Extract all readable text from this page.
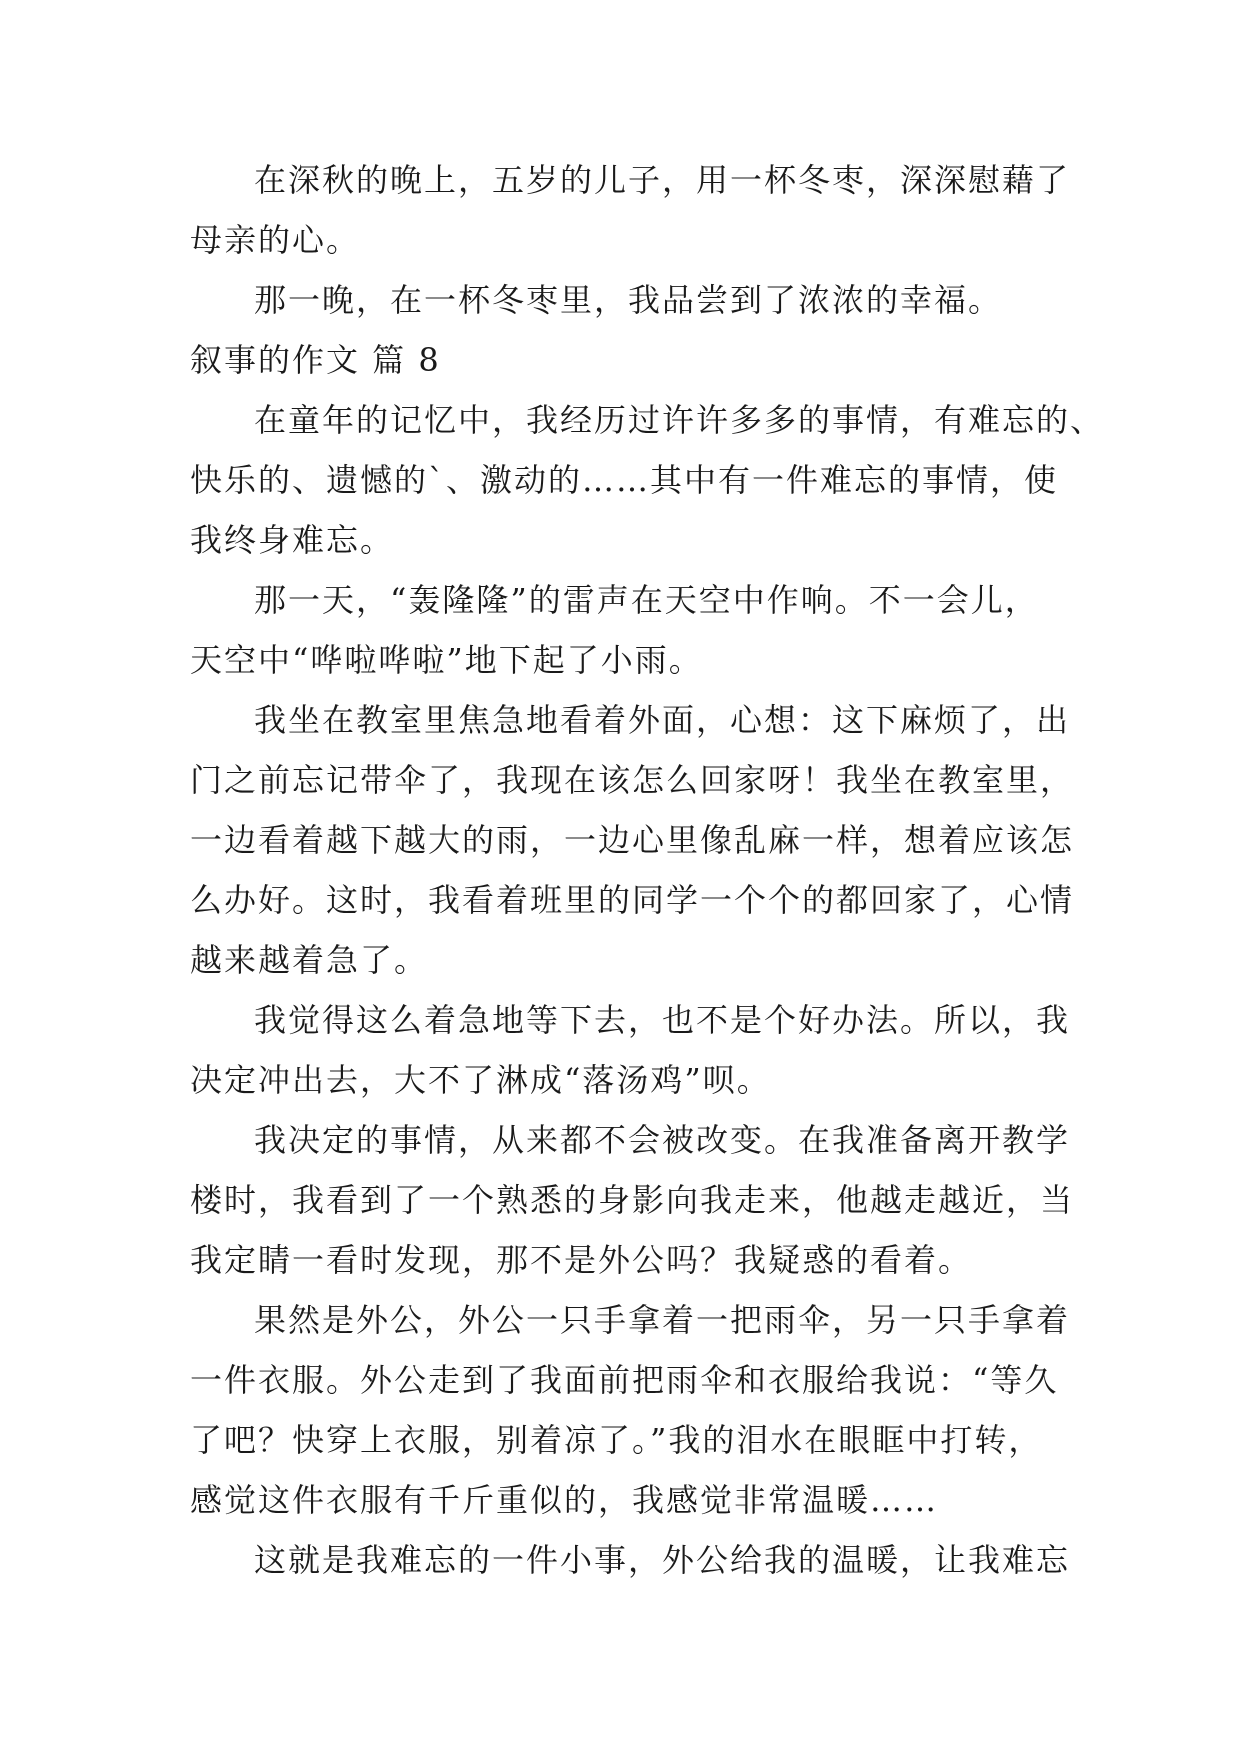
在深秋的晚上，五岁的儿子，用一杯冬枣，深深慰藉了
母亲的心。
那一晚，在一杯冬枣里，我品尝到了浓浓的幸福。
叙事的作文 篇 8
在童年的记忆中，我经历过许许多多的事情，有难忘的、
快乐的、遗憾的`、激动的……其中有一件难忘的事情，使
我终身难忘。
那一天，“轰隆隆”的雷声在天空中作响。不一会儿，
天空中“哗啦哗啦”地下起了小雨。
我坐在教室里焦急地看着外面，心想：这下麻烦了，出
门之前忘记带伞了，我现在该怎么回家呀！我坐在教室里，
一边看着越下越大的雨，一边心里像乱麻一样，想着应该怎
么办好。这时，我看着班里的同学一个个的都回家了，心情
越来越着急了。
我觉得这么着急地等下去，也不是个好办法。所以，我
决定冲出去，大不了淋成“落汤鸡”呗。
我决定的事情，从来都不会被改变。在我准备离开教学
楼时，我看到了一个熟悉的身影向我走来，他越走越近，当
我定睛一看时发现，那不是外公吗？我疑惑的看着。
果然是外公，外公一只手拿着一把雨伞，另一只手拿着
一件衣服。外公走到了我面前把雨伞和衣服给我说：“等久
了吧？快穿上衣服，别着凉了。”我的泪水在眼眶中打转，
感觉这件衣服有千斤重似的，我感觉非常温暖……
这就是我难忘的一件小事，外公给我的温暖，让我难忘
